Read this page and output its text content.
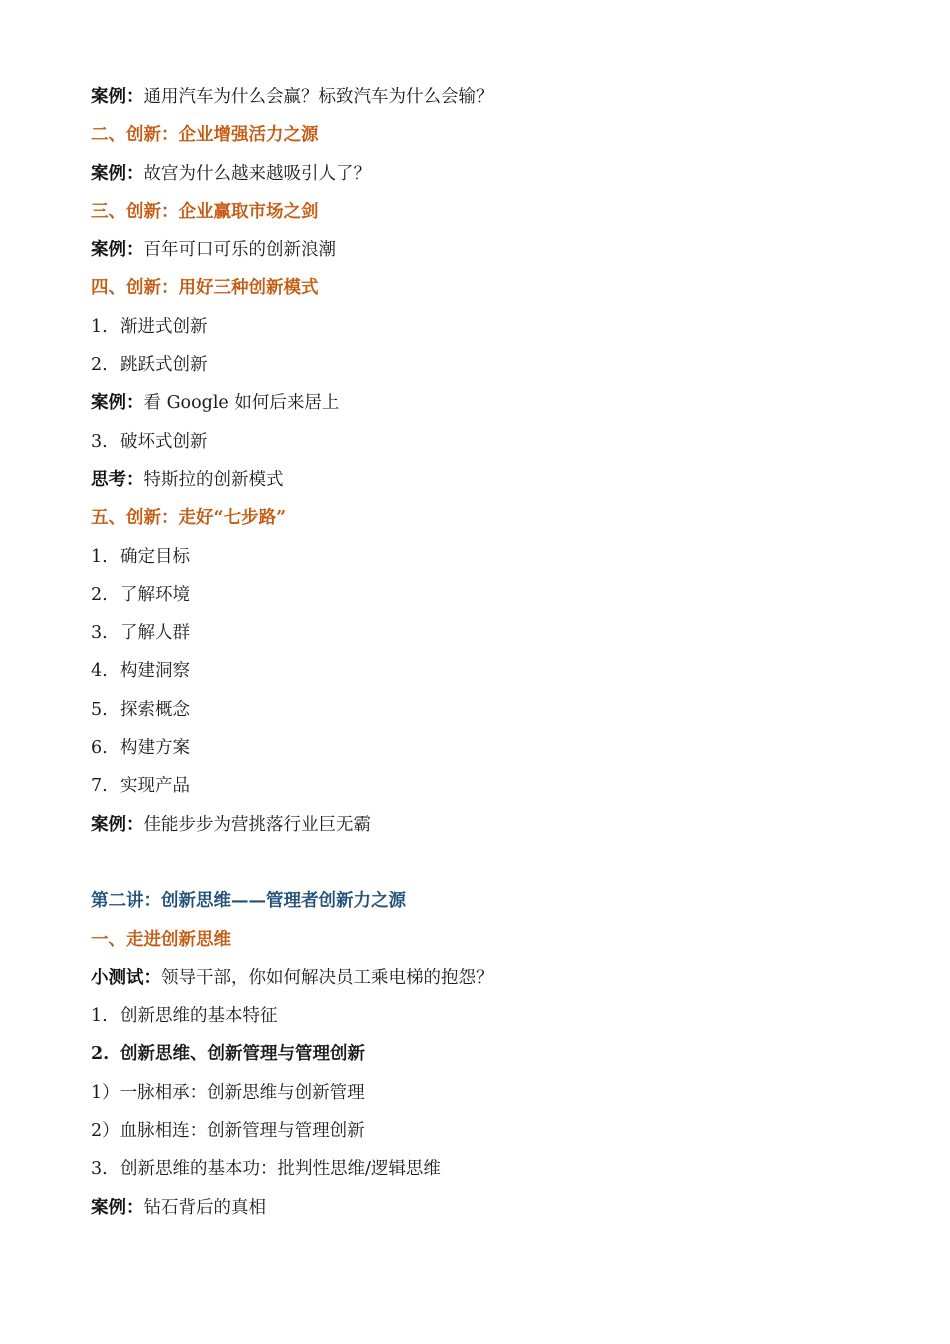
案例：通用汽车为什么会赢？标致汽车为什么会输？
二、创新：企业增强活力之源
案例：故宫为什么越来越吸引人了？
三、创新：企业赢取市场之剑
案例：百年可口可乐的创新浪潮
四、创新：用好三种创新模式
1. 渐进式创新
2. 跳跃式创新
案例：看 Google 如何后来居上
3. 破坏式创新
思考：特斯拉的创新模式
五、创新：走好“七步路”
1. 确定目标
2. 了解环境
3. 了解人群
4. 构建洞察
5. 探索概念
6. 构建方案
7. 实现产品
案例：佳能步步为营挑落行业巨无霸
第二讲：创新思维——管理者创新力之源
一、走进创新思维
小测试：领导干部，你如何解决员工乘电梯的抱怨？
1. 创新思维的基本特征
2. 创新思维、创新管理与管理创新
1）一脉相承：创新思维与创新管理
2）血脉相连：创新管理与管理创新
3. 创新思维的基本功：批判性思维/逻辑思维
案例：钻石背后的真相
